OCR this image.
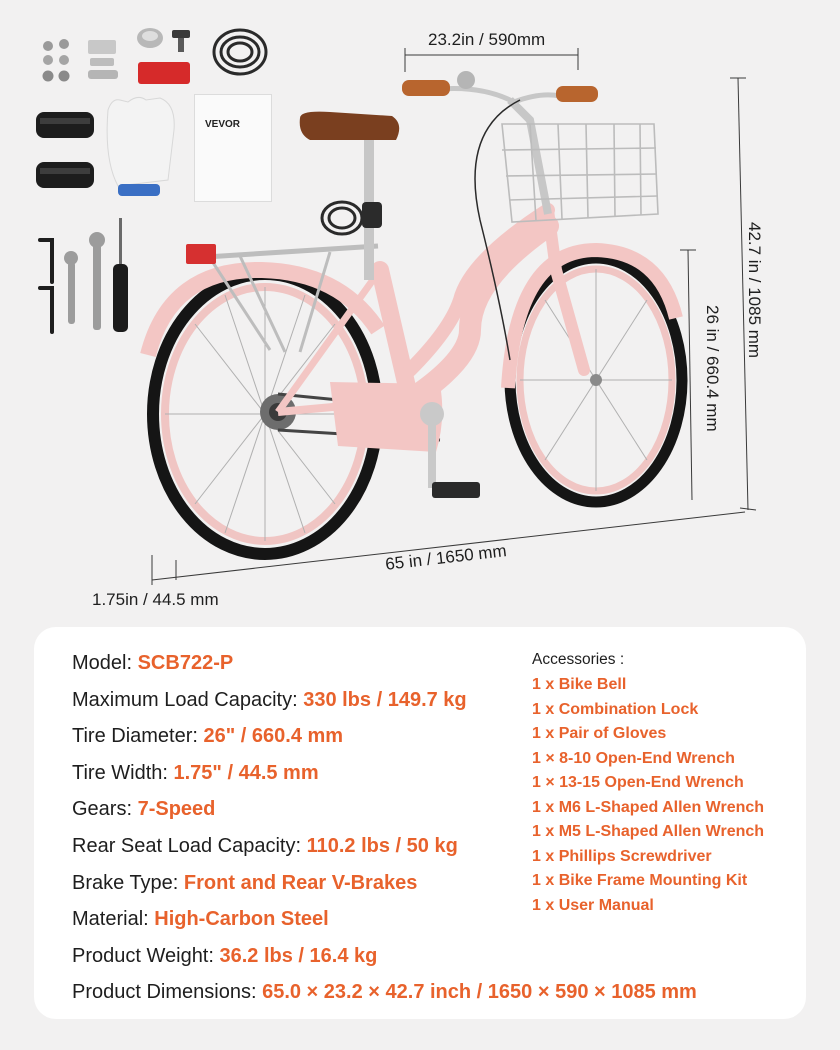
23.2in / 590mm
42.7 in / 1085 mm
26 in / 660.4 mm
65 in / 1650 mm
1.75in / 44.5 mm
VEVOR
Model: SCB722-P
Maximum Load Capacity: 330 lbs / 149.7 kg
Tire Diameter: 26" / 660.4 mm
Tire Width: 1.75" / 44.5 mm
Gears: 7-Speed
Rear Seat Load Capacity: 110.2 lbs / 50 kg
Brake Type: Front and Rear V-Brakes
Material: High-Carbon Steel
Product Weight: 36.2 lbs / 16.4 kg
Product Dimensions: 65.0 × 23.2 × 42.7 inch / 1650 × 590 × 1085 mm
Accessories :
1 x Bike Bell
1 x Combination Lock
1 x Pair of Gloves
1 × 8-10 Open-End Wrench
1 × 13-15 Open-End Wrench
1 x M6 L-Shaped Allen Wrench
1 x M5 L-Shaped Allen Wrench
1 x Phillips Screwdriver
1 x Bike Frame Mounting Kit
1 x User Manual
